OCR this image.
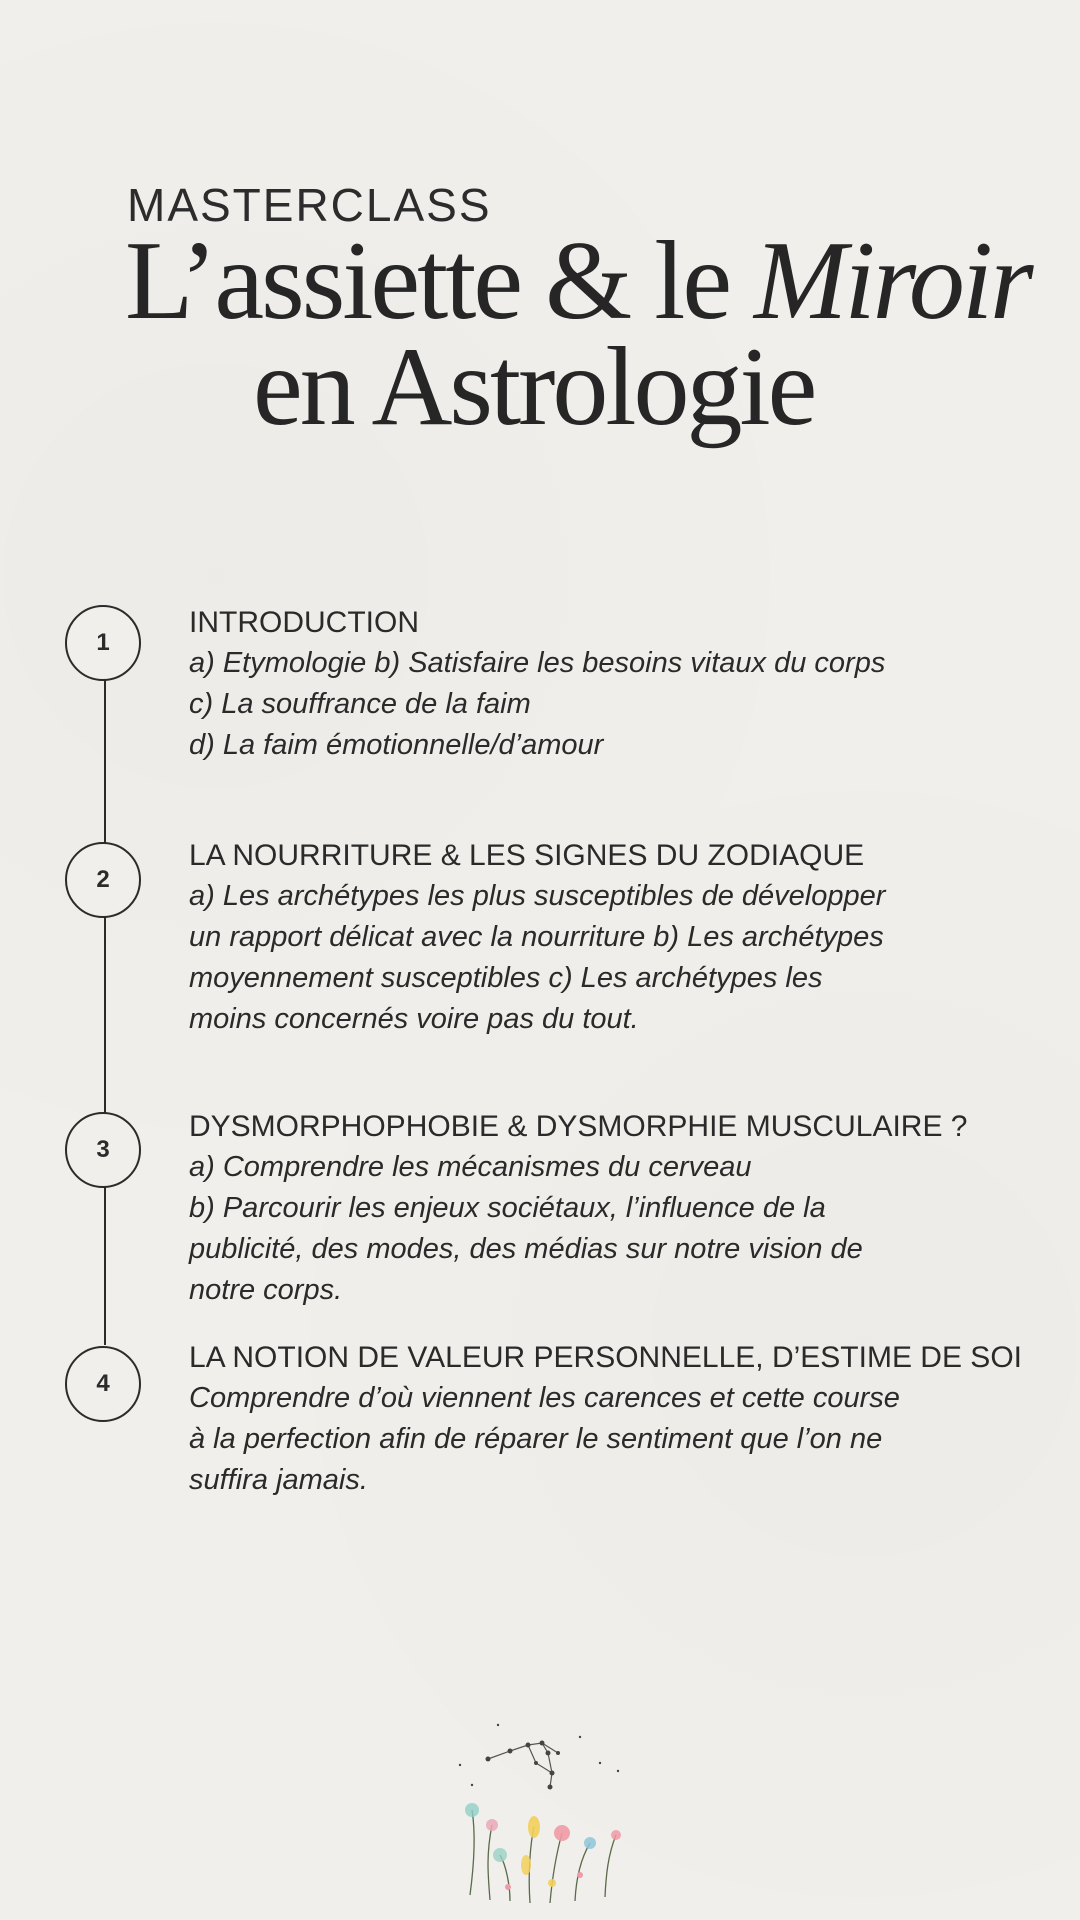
MASTERCLASS
L’assiette & le Miroir
en Astrologie
1
INTRODUCTION

a) Etymologie b) Satisfaire les besoins vitaux du corps

c) La souffrance de la faim

d) La faim émotionnelle/d’amour

2
LA NOURRITURE & LES SIGNES DU ZODIAQUE

a) Les archétypes les plus susceptibles de développer

un rapport délicat avec la nourriture b) Les archétypes

moyennement susceptibles c) Les archétypes les

moins concernés voire pas du tout.

3
DYSMORPHOPHOBIE & DYSMORPHIE MUSCULAIRE ?

a) Comprendre les mécanismes du cerveau

b) Parcourir les enjeux sociétaux, l’influence de la

publicité, des modes, des médias sur notre vision de

notre corps.

4
LA NOTION DE VALEUR PERSONNELLE, D’ESTIME DE SOI

Comprendre d’où viennent les carences et cette course

à la perfection afin de réparer le sentiment que l’on ne

suffira jamais.
